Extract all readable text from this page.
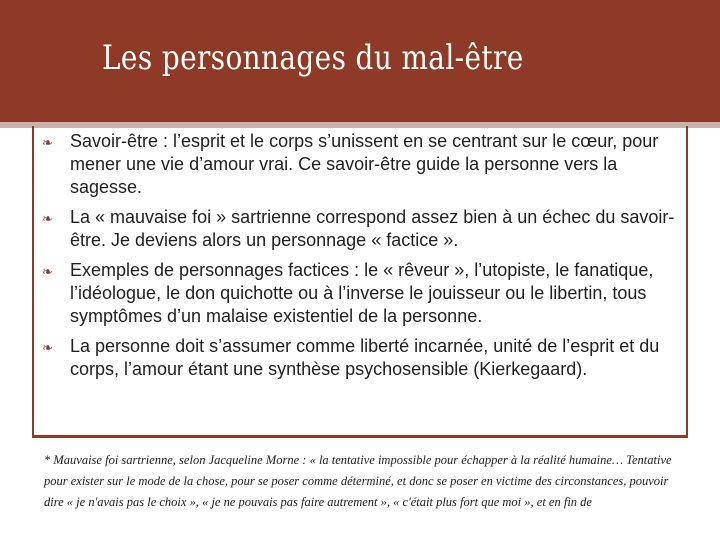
Les personnages du mal-être
❧ Savoir-être : l’esprit et le corps s’unissent en se centrant sur le cœur, pour mener une vie d’amour vrai. Ce savoir-être guide la personne vers la sagesse.
❧ La « mauvaise foi » sartrienne correspond assez bien à un échec du savoir-être. Je deviens alors un personnage « factice ».
❧ Exemples de personnages factices : le « rêveur », l’utopiste, le fanatique, l’idéologue, le don quichotte ou à l’inverse le jouisseur ou le libertin, tous symptômes d’un malaise existentiel de la personne.
❧ La personne doit s’assumer comme liberté incarnée, unité de l’esprit et du corps, l’amour étant une synthèse psychosensible (Kierkegaard).

* Mauvaise foi sartrienne, selon Jacqueline Morne : « la tentative impossible pour échapper à la réalité humaine… Tentative pour exister sur le mode de la chose, pour se poser comme déterminé, et donc se poser en victime des circonstances, pouvoir dire « je n'avais pas le choix », « je ne pouvais pas faire autrement », « c'était plus fort que moi », et en fin de
